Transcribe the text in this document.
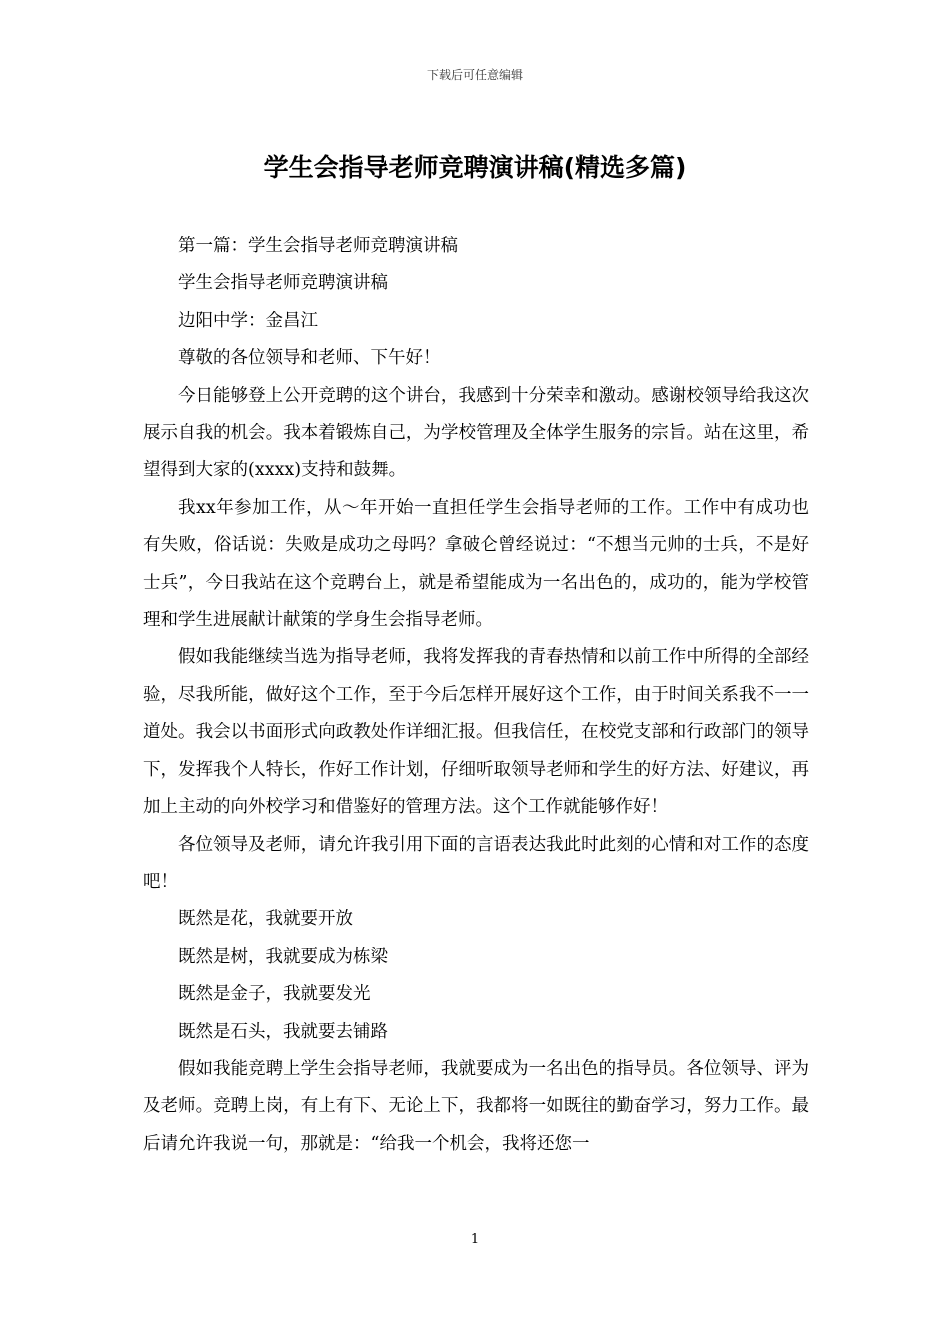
下载后可任意编辑
学生会指导老师竞聘演讲稿(精选多篇)

第一篇：学生会指导老师竞聘演讲稿

学生会指导老师竞聘演讲稿

边阳中学：金昌江

尊敬的各位领导和老师、下午好！

今日能够登上公开竞聘的这个讲台，我感到十分荣幸和激动。感谢校领导给我这次展示自我的机会。我本着锻炼自己，为学校管理及全体学生服务的宗旨。站在这里，希望得到大家的(xxxx)支持和鼓舞。

我xx年参加工作，从～年开始一直担任学生会指导老师的工作。工作中有成功也有失败，俗话说：失败是成功之母吗？拿破仑曾经说过：“不想当元帅的士兵，不是好士兵”，今日我站在这个竞聘台上，就是希望能成为一名出色的，成功的，能为学校管理和学生进展献计献策的学身生会指导老师。

假如我能继续当选为指导老师，我将发挥我的青春热情和以前工作中所得的全部经验，尽我所能，做好这个工作，至于今后怎样开展好这个工作，由于时间关系我不一一道处。我会以书面形式向政教处作详细汇报。但我信任，在校党支部和行政部门的领导下，发挥我个人特长，作好工作计划，仔细听取领导老师和学生的好方法、好建议，再加上主动的向外校学习和借鉴好的管理方法。这个工作就能够作好！

各位领导及老师，请允许我引用下面的言语表达我此时此刻的心情和对工作的态度吧！

既然是花，我就要开放

既然是树，我就要成为栋梁

既然是金子，我就要发光

既然是石头，我就要去铺路

假如我能竞聘上学生会指导老师，我就要成为一名出色的指导员。各位领导、评为及老师。竞聘上岗，有上有下、无论上下，我都将一如既往的勤奋学习，努力工作。最后请允许我说一句，那就是：“给我一个机会，我将还您一

1
